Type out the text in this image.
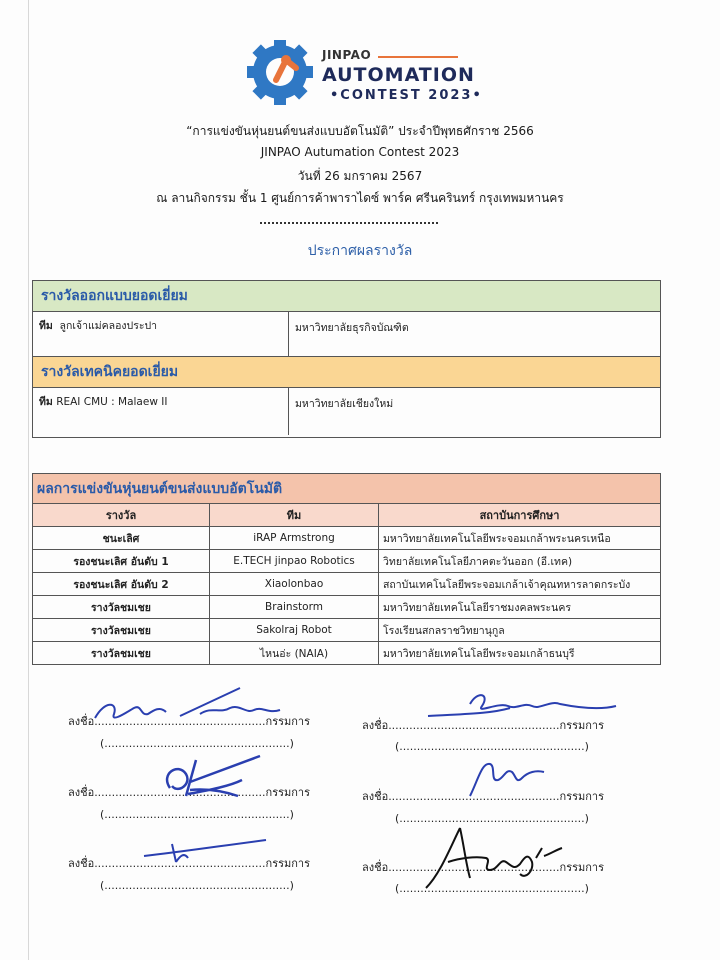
JINPAO
AUTOMATION
•CONTEST 2023•
“การแข่งขันหุ่นยนต์ขนส่งแบบอัตโนมัติ” ประจำปีพุทธศักราช 2566
JINPAO Autumation Contest 2023
วันที่ 26 มกราคม 2567
ณ ลานกิจกรรม ชั้น 1 ศูนย์การค้าพาราไดซ์ พาร์ค ศรีนครินทร์ กรุงเทพมหานคร
ประกาศผลรางวัล
รางวัลออกแบบยอดเยี่ยม
ทีม ลูกเจ้าแม่คลองประปา	มหาวิทยาลัยธุรกิจบัณฑิต
รางวัลเทคนิคยอดเยี่ยม
ทีม REAI CMU : Malaew II	มหาวิทยาลัยเชียงใหม่
ผลการแข่งขันหุ่นยนต์ขนส่งแบบอัตโนมัติ		
รางวัล	ทีม	สถาบันการศึกษา
ชนะเลิศ	iRAP Armstrong	มหาวิทยาลัยเทคโนโลยีพระจอมเกล้าพระนครเหนือ
รองชนะเลิศ อันดับ 1	E.TECH jinpao Robotics	วิทยาลัยเทคโนโลยีภาคตะวันออก (อี.เทค)
รองชนะเลิศ อันดับ 2	Xiaolonbao	สถาบันเทคโนโลยีพระจอมเกล้าเจ้าคุณทหารลาดกระบัง
รางวัลชมเชย	Brainstorm	มหาวิทยาลัยเทคโนโลยีราชมงคลพระนคร
รางวัลชมเชย	Sakolraj Robot	โรงเรียนสกลราชวิทยานุกูล
รางวัลชมเชย	ไหนอ่ะ (NAIA)	มหาวิทยาลัยเทคโนโลยีพระจอมเกล้าธนบุรี
ลงชื่อ.................................................กรรมการ
(.....................................................)
ลงชื่อ.................................................กรรมการ
(.....................................................)
ลงชื่อ.................................................กรรมการ
(.....................................................)
ลงชื่อ.................................................กรรมการ
(.....................................................)
ลงชื่อ.................................................กรรมการ
(.....................................................)
ลงชื่อ.................................................กรรมการ
(.....................................................)
